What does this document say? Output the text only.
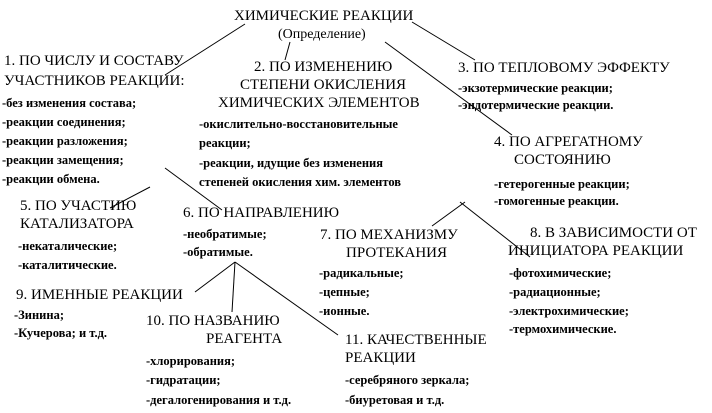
ХИМИЧЕСКИЕ РЕАКЦИИ
(Определение)
1. ПО ЧИСЛУ И СОСТАВУ
УЧАСТНИКОВ РЕАКЦИИ:
-без изменения состава;
-реакции соединения;
-реакции разложения;
-реакции замещения;
-реакции обмена.
2. ПО ИЗМЕНЕНИЮ
СТЕПЕНИ ОКИСЛЕНИЯ
ХИМИЧЕСКИХ ЭЛЕМЕНТОВ
-окислительно-восстановительные
реакции;
-реакции, идущие без изменения
степеней окисления хим. элементов
3. ПО ТЕПЛОВОМУ ЭФФЕКТУ
-экзотермические реакции;
-эндотермические реакции.
4. ПО АГРЕГАТНОМУ
СОСТОЯНИЮ
-гетерогенные реакции;
-гомогенные реакции.
5. ПО УЧАСТИЮ
КАТАЛИЗАТОРА
-некаталические;
-каталитические.
6. ПО НАПРАВЛЕНИЮ
-необратимые;
-обратимые.
7. ПО МЕХАНИЗМУ
ПРОТЕКАНИЯ
-радикальные;
-цепные;
-ионные.
8. В ЗАВИСИМОСТИ ОТ
ИНИЦИАТОРА РЕАКЦИИ
-фотохимические;
-радиационные;
-электрохимические;
-термохимические.
9. ИМЕННЫЕ РЕАКЦИИ
-Зинина;
-Кучерова; и т.д.
10. ПО НАЗВАНИЮ
РЕАГЕНТА
-хлорирования;
-гидратации;
-дегалогенирования и т.д.
11. КАЧЕСТВЕННЫЕ
РЕАКЦИИ
-серебряного зеркала;
-биуретовая и т.д.
